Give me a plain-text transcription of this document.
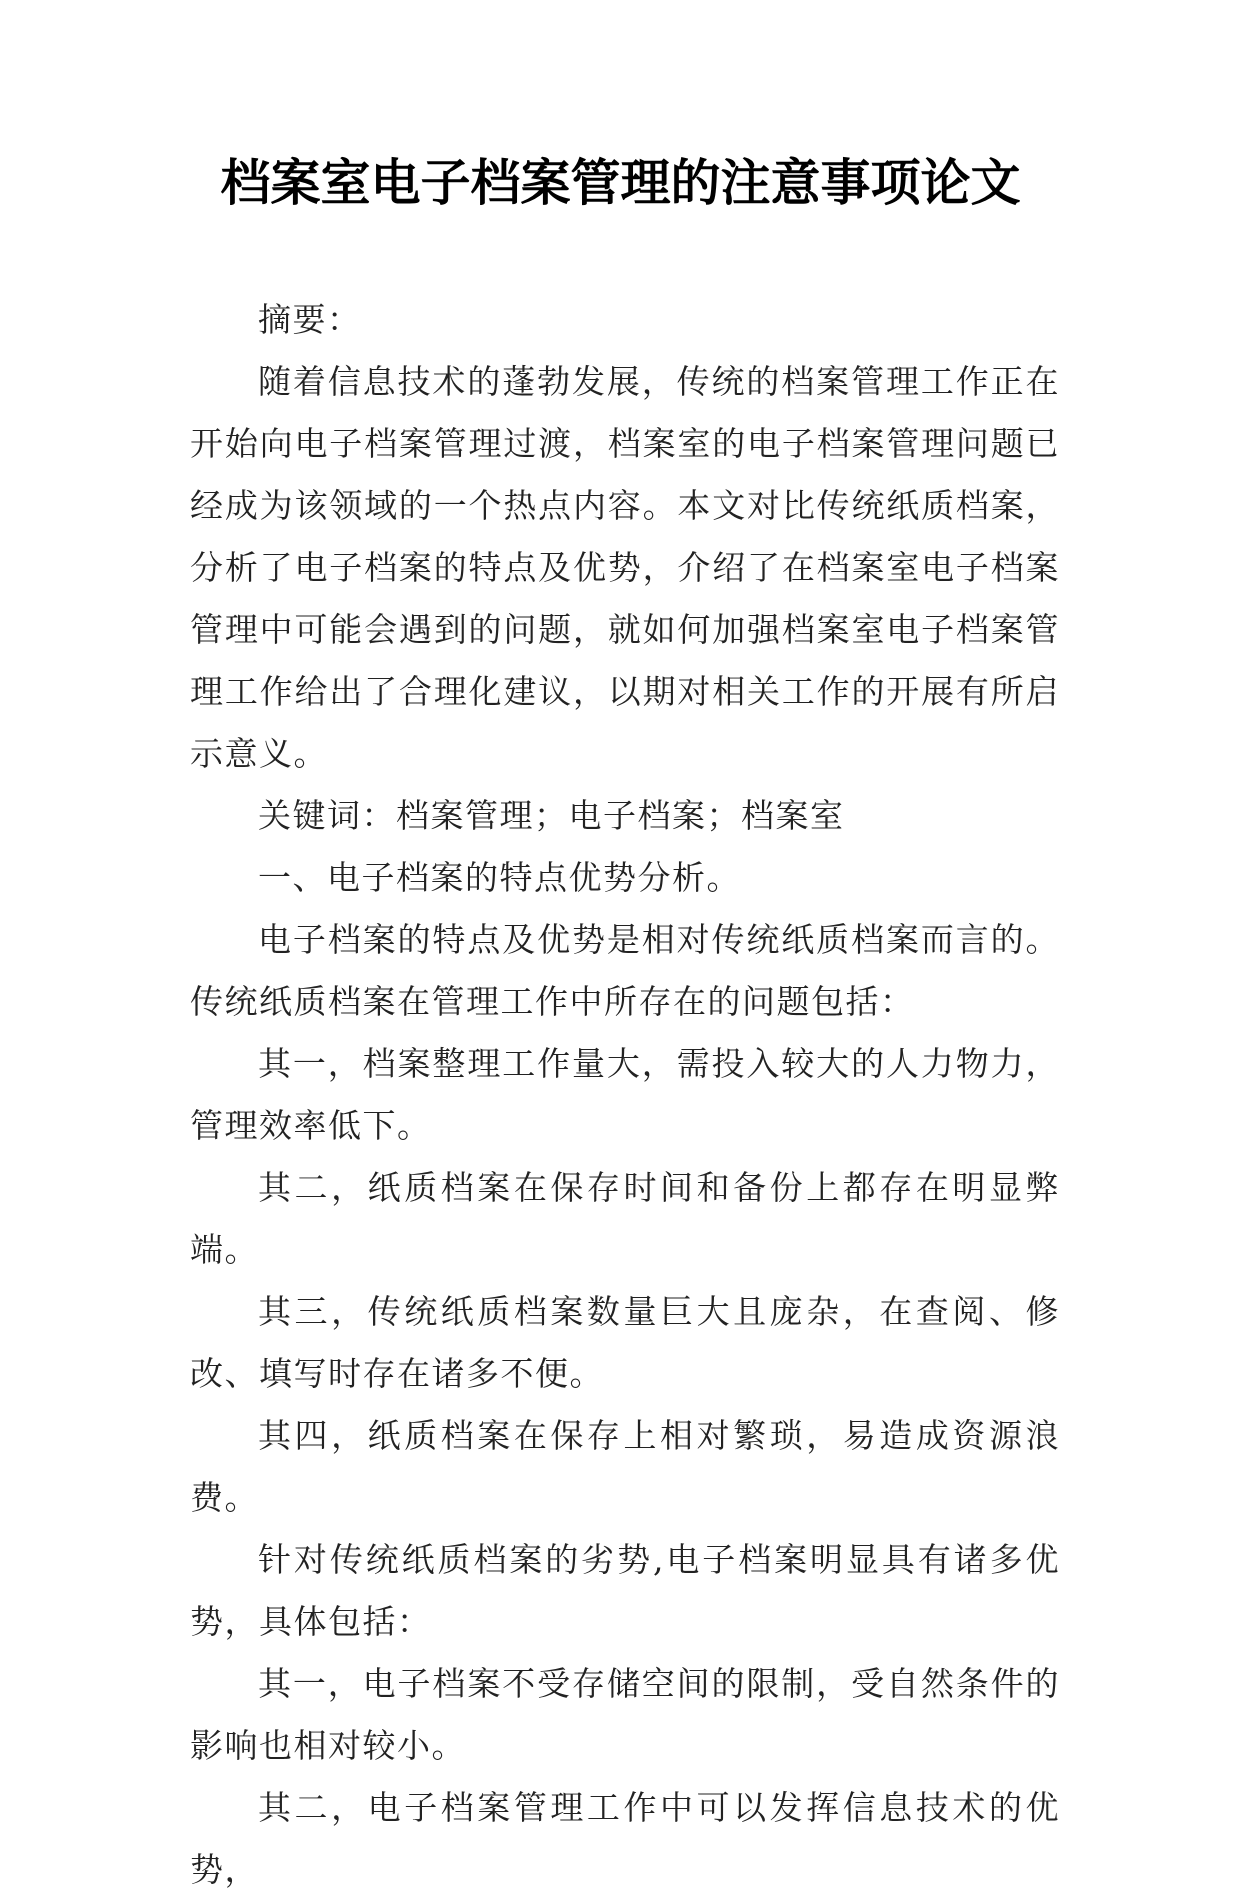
档案室电子档案管理的注意事项论文

摘要：

随着信息技术的蓬勃发展，传统的档案管理工作正在开始向电子档案管理过渡，档案室的电子档案管理问题已经成为该领域的一个热点内容。本文对比传统纸质档案，分析了电子档案的特点及优势，介绍了在档案室电子档案管理中可能会遇到的问题，就如何加强档案室电子档案管理工作给出了合理化建议，以期对相关工作的开展有所启示意义。

关键词：档案管理；电子档案；档案室

一、电子档案的特点优势分析。

电子档案的特点及优势是相对传统纸质档案而言的。传统纸质档案在管理工作中所存在的问题包括：

其一，档案整理工作量大，需投入较大的人力物力，管理效率低下。

其二，纸质档案在保存时间和备份上都存在明显弊端。

其三，传统纸质档案数量巨大且庞杂，在查阅、修改、填写时存在诸多不便。

其四，纸质档案在保存上相对繁琐，易造成资源浪费。

针对传统纸质档案的劣势,电子档案明显具有诸多优势，具体包括：

其一，电子档案不受存储空间的限制，受自然条件的影响也相对较小。

其二，电子档案管理工作中可以发挥信息技术的优势，
